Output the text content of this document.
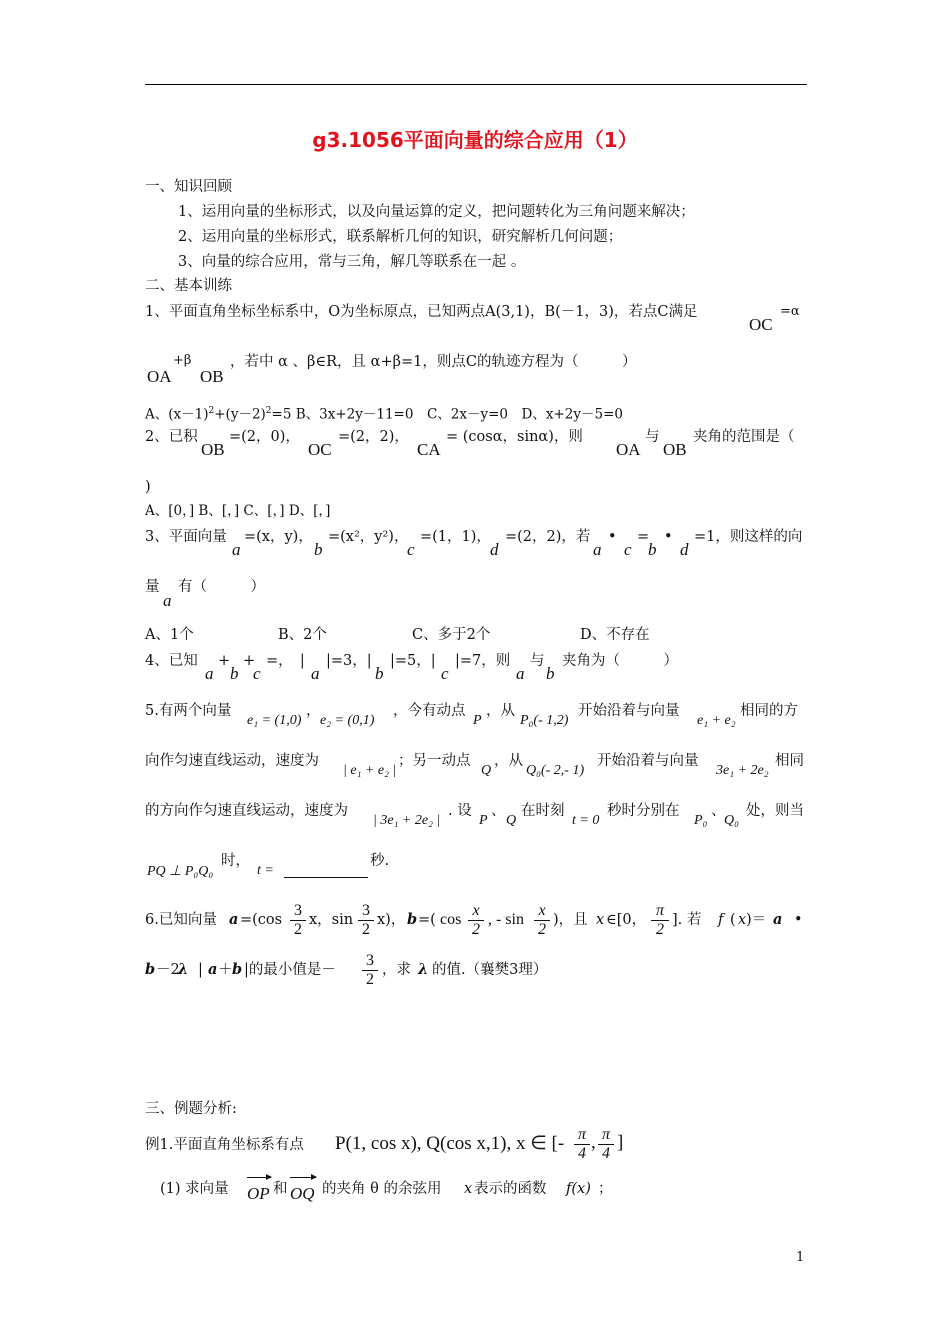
g3.1056平面向量的综合应用（1）
一、知识回顾
1、运用向量的坐标形式，以及向量运算的定义，把问题转化为三角问题来解决；
2、运用向量的坐标形式，联系解析几何的知识，研究解析几何问题；
3、向量的综合应用，常与三角，解几等联系在一起 。
二、基本训练
1、平面直角坐标坐标系中，O为坐标原点，已知两点A(3,1)，B(－1，3)，若点C满足
OC
=α
OA
+β
OB
，若中 α 、β∈R，且 α+β=1，则点C的轨迹方程为（　　　）
A、$(x-1)^2+(y-2)^2=5$ B、3x+2y－11=0　C、2x－y=0　D、x+2y－5=0
2、已积
OB
=(2，0)，
OC
=(2，2)，
CA
= (cosα，sinα)，则
OA
与
OB
夹角的范围是（
)
A、[0，] B、[，] C、[，] D、[，]
3、平面向量
a
=(x，y)，
b
=(x²，y²)，
c
=(1，1)，
d
=(2，2)，若
a
•
c
=
b
•
d
=1，则这样的向
量
a
有（　　　）
A、1个	B、2个	C、多于2个	D、不存在
4、已知
a
+
b
+
c
=，　|
a
|=3，|
b
|=5，|
c
|=7，则
a
与
b
夹角为（　　　）
5.有两个向量
e₁ = (1,0)
，
e₂ = (0,1)
，今有动点
P
，从
P₀(- 1,2)
开始沿着与向量
e₁ + e₂
相同的方
向作匀速直线运动，速度为
| e₁ + e₂ |
；另一动点
Q
，从
Q₀(- 2,- 1)
开始沿着与向量
3e₁ + 2e₂
相同
的方向作匀速直线运动，速度为
| 3e₁ + 2e₂ |
. 设
P
、
Q
在时刻
t = 0
秒时分别在
P₀
、
Q₀
处，则当
PQ ⊥ P₀Q₀
时，
t =
秒.
6.已知向量 $a =(\cos \frac{3}{2}$ x，$\sin \frac{3}{2} x$)， b =( $\cos \frac{x}{2}$ , - $\sin \frac{x}{2}$ )，且 x ∈[0， $\frac{\pi}{2}$ ]. 若 f ( x )＝ a •
b －2
λ | a ＋ b |的最小值是－ $\frac{3}{2}$ ，求 λ 的值.（襄樊3理）
三、例题分析:
例1.平面直角坐标系有点 P(1, cos x), Q(cos x,1), x ∈ [- $\frac{\pi}{4}$ , $\frac{\pi}{4}$ ]
(1) 求向量 OP 和 OQ 的夹角 θ 的余弦用 x 表示的函数 f(x) ；
1
